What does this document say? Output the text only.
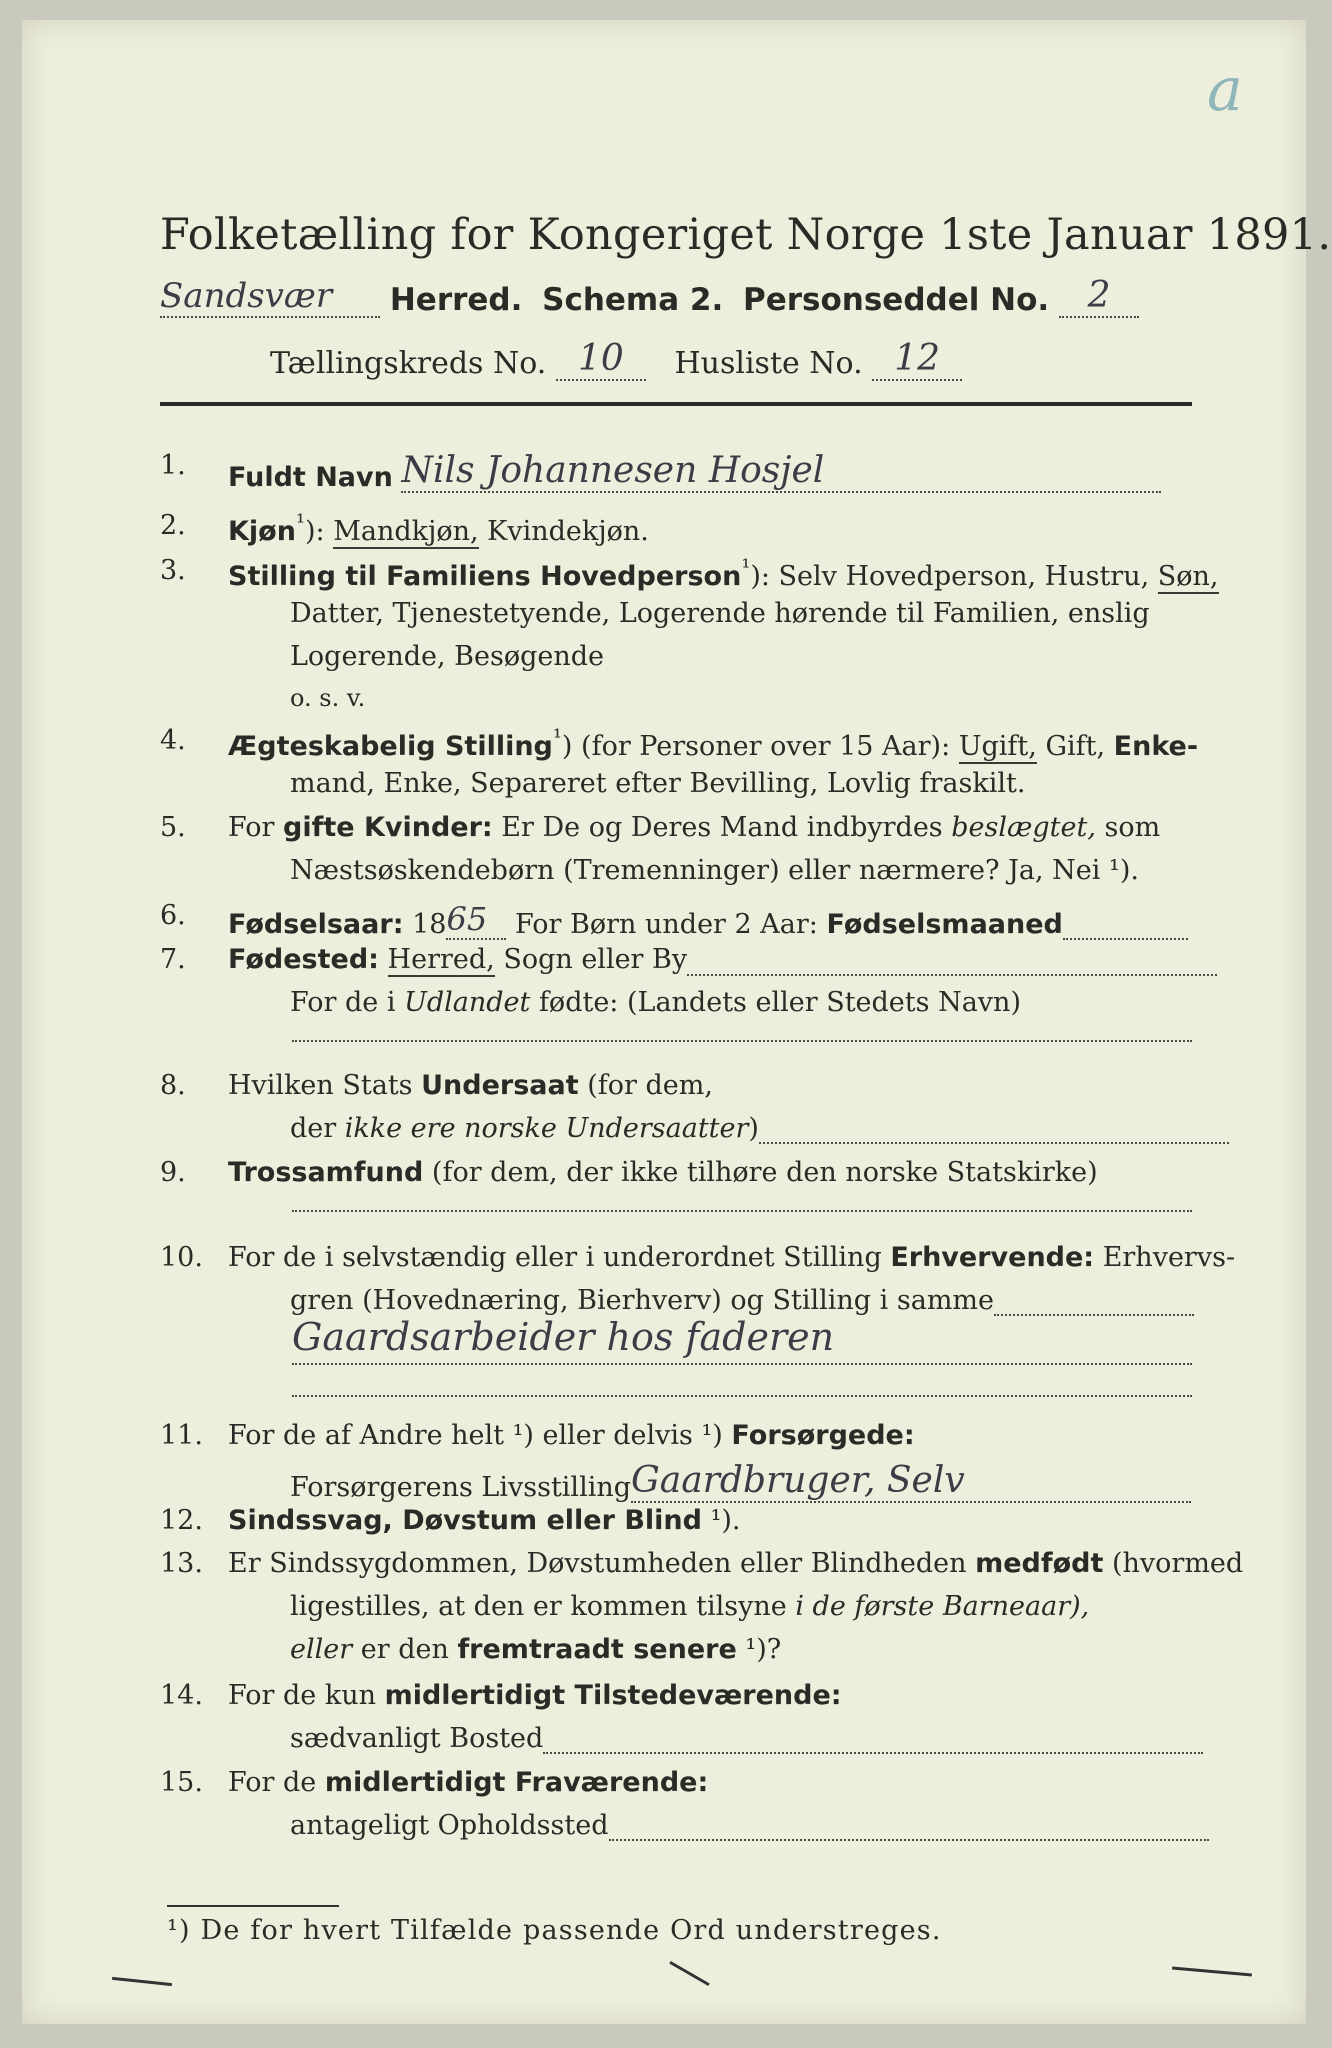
a
Folketælling for Kongeriget Norge 1ste Januar 1891.
Sandsvær Herred. Schema 2. Personseddel No. 2
Tællingskreds No. 10 Husliste No. 12
1.	Fuldt Navn Nils Johannesen Hosjel
2.	Kjøn$^{^1}$): Mandkjøn, Kvindekjøn.
3.	Stilling til Familiens Hovedperson$^{^1}$): Selv Hovedperson, Hustru, Søn,
Datter, Tjenestetyende, Logerende hørende til Familien, enslig
Logerende, Besøgende
o. s. v.
4.	Ægteskabelig Stilling$^{^1}$) (for Personer over 15 Aar): Ugift, Gift, Enke-
mand, Enke, Separeret efter Bevilling, Lovlig fraskilt.
5.	For gifte Kvinder: Er De og Deres Mand indbyrdes beslægtet, som
Næstsøskendebørn (Tremenninger) eller nærmere? Ja, Nei ¹).
6.	Fødselsaar: 1865 For Børn under 2 Aar: Fødselsmaaned
7.	Fødested: Herred, Sogn eller By
For de i Udlandet fødte: (Landets eller Stedets Navn)
8.	Hvilken Stats Undersaat (for dem,
der ikke ere norske Undersaatter)
9.	Trossamfund (for dem, der ikke tilhøre den norske Statskirke)
10. For de i selvstændig eller i underordnet Stilling Erhvervende: Erhvervs-
gren (Hovednæring, Bierhverv) og Stilling i samme
Gaardsarbeider hos faderen
11. For de af Andre helt ¹) eller delvis ¹) Forsørgede:
Forsørgerens LivsstillingGaardbruger, Selv
12. Sindssvag, Døvstum eller Blind ¹).
13. Er Sindssygdommen, Døvstumheden eller Blindheden medfødt (hvormed
ligestilles, at den er kommen tilsyne i de første Barneaar),
eller er den fremtraadt senere ¹)?
14. For de kun midlertidigt Tilstedeværende:
sædvanligt Bosted
15. For de midlertidigt Fraværende:
antageligt Opholdssted
¹) De for hvert Tilfælde passende Ord understreges.
